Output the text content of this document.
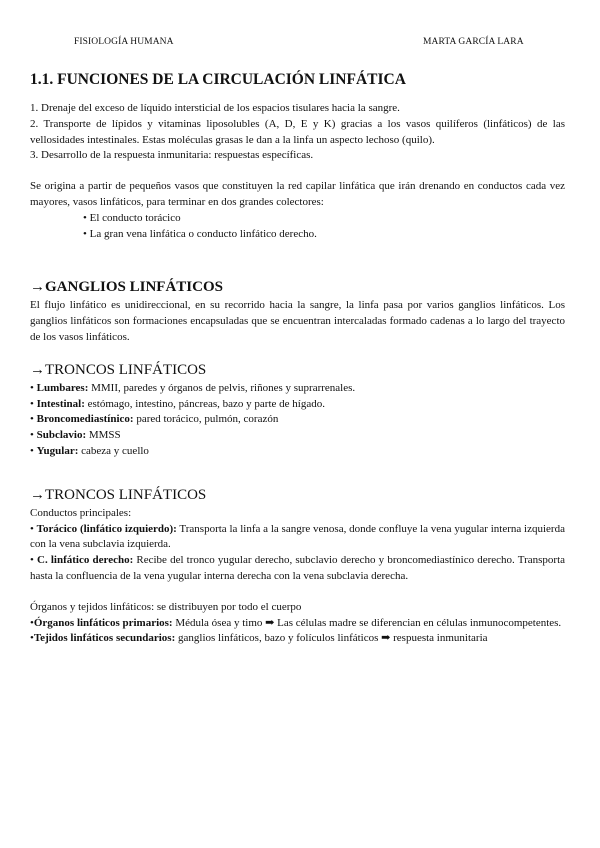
FISIOLOGÍA HUMANA	MARTA GARCÍA LARA
1.1. FUNCIONES DE LA CIRCULACIÓN LINFÁTICA

1. Drenaje del exceso de líquido intersticial de los espacios tisulares hacia la sangre.

2. Transporte de lípidos y vitaminas liposolubles (A, D, E y K) gracias a los vasos quilíferos (linfáticos) de las vellosidades intestinales. Estas moléculas grasas le dan a la linfa un aspecto lechoso (quilo).

3. Desarrollo de la respuesta inmunitaria: respuestas específicas.

Se origina a partir de pequeños vasos que constituyen la red capilar linfática que irán drenando en conductos cada vez mayores, vasos linfáticos, para terminar en dos grandes colectores:

• El conducto torácico

• La gran vena linfática o conducto linfático derecho.

→GANGLIOS LINFÁTICOS

El flujo linfático es unidireccional, en su recorrido hacia la sangre, la linfa pasa por varios ganglios linfáticos. Los ganglios linfáticos son formaciones encapsuladas que se encuentran intercaladas formado cadenas a lo largo del trayecto de los vasos linfáticos.

→TRONCOS LINFÁTICOS

• Lumbares: MMII, paredes y órganos de pelvis, riñones y suprarrenales.

• Intestinal: estómago, intestino, páncreas, bazo y parte de hígado.

• Broncomediastínico: pared torácico, pulmón, corazón

• Subclavio: MMSS

• Yugular: cabeza y cuello

→TRONCOS LINFÁTICOS

Conductos principales:

• Torácico (linfático izquierdo): Transporta la linfa a la sangre venosa, donde confluye la vena yugular interna izquierda con la vena subclavia izquierda.

• C. linfático derecho: Recibe del tronco yugular derecho, subclavio derecho y broncomediastínico derecho. Transporta hasta la confluencia de la vena yugular interna derecha con la vena subclavia derecha.

Órganos y tejidos linfáticos: se distribuyen por todo el cuerpo

•Órganos linfáticos primarios: Médula ósea y timo ➡ Las células madre se diferencian en células inmunocompetentes.

•Tejidos linfáticos secundarios: ganglios linfáticos, bazo y folículos linfáticos ➡ respuesta inmunitaria
